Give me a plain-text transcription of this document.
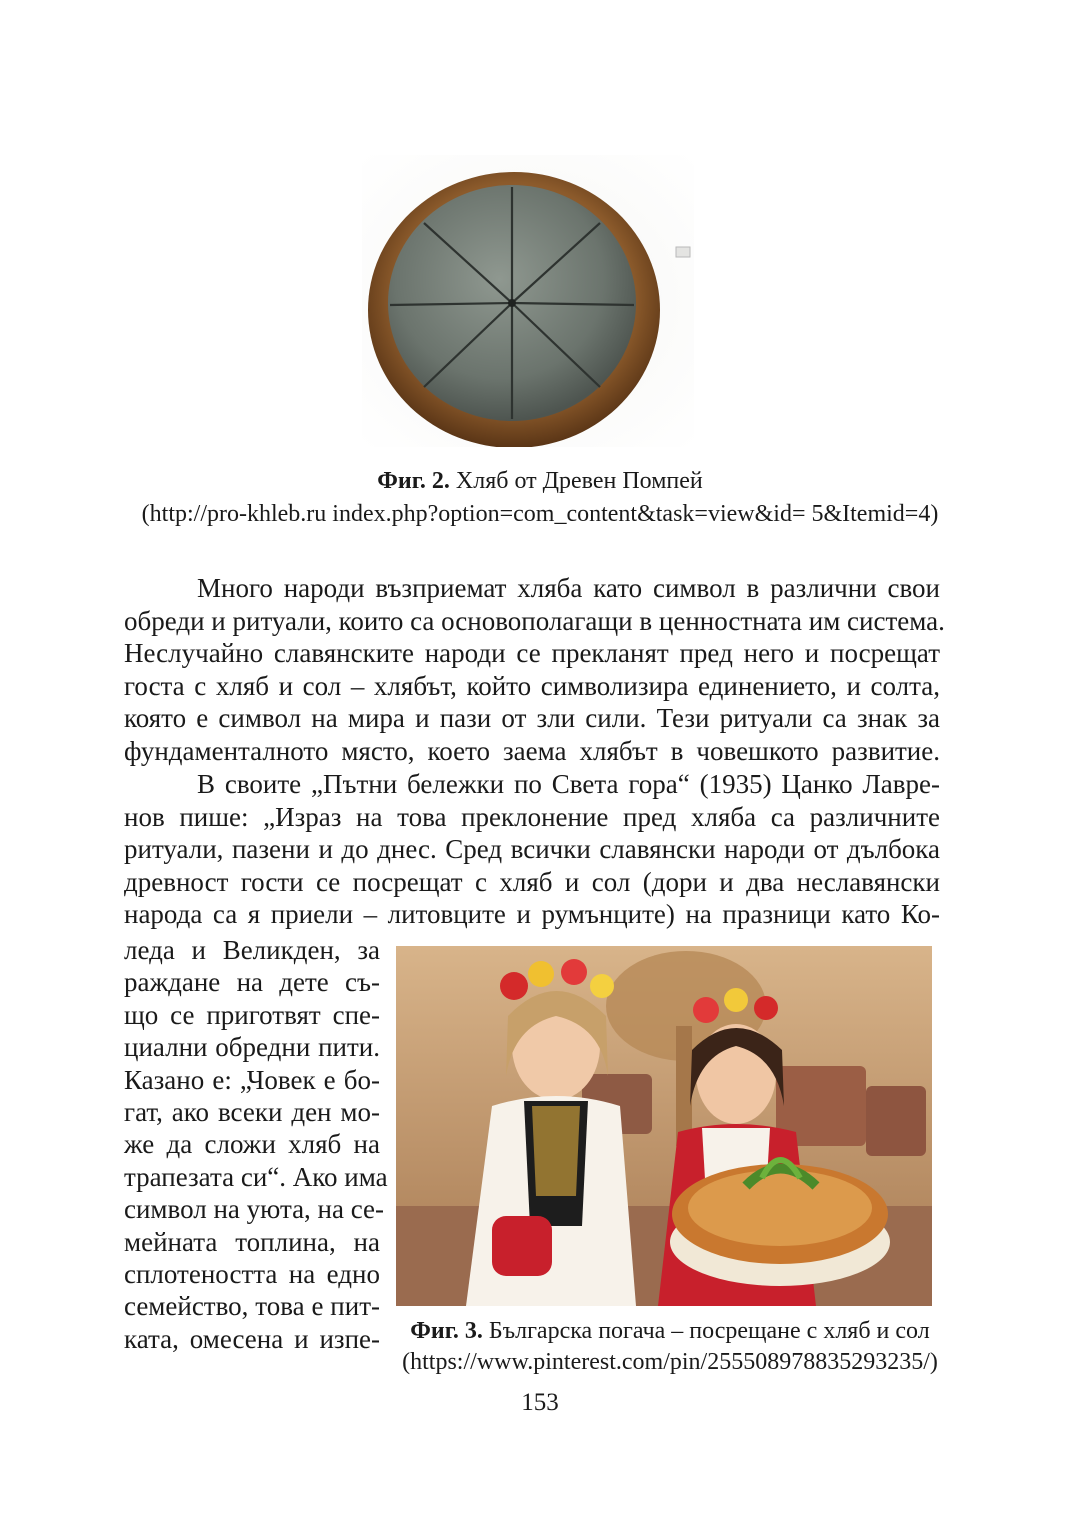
Фиг. 2. Хляб от Древен Помпей
(http://pro-khleb.ru index.php?option=com_content&task=view&id= 5&Itemid=4)
Много народи възприемат хляба като символ в различни свои
обреди и ритуали, които са основополагащи в ценностната им система.
Неслучайно славянските народи се прекланят пред него и посрещат
госта с хляб и сол – хлябът, който символизира единението, и солта,
която е символ на мира и пази от зли сили. Тези ритуали са знак за
фундаменталното място, което заема хлябът в човешкото развитие.
В своите „Пътни бележки по Света гора“ (1935) Цанко Лавре-
нов пише: „Израз на това преклонение пред хляба са различните
ритуали, пазени и до днес. Сред всички славянски народи от дълбока
древност гости се посрещат с хляб и сол (дори и два неславянски
народа са я приели – литовците и румънците) на празници като Ко-
леда и Великден, за
раждане на дете съ-
що се приготвят спе-
циални обредни пити.
Казано е: „Човек е бо-
гат, ако всеки ден мо-
же да сложи хляб на
трапезата си“. Ако има
символ на уюта, на се-
мейната топлина, на
сплотеността на едно
семейство, това е пит-
ката, омесена и изпе-	Фиг. 3. Българска погача – посрещане с хляб и сол
(https://www.pinterest.com/pin/255508978835293235/)
153
